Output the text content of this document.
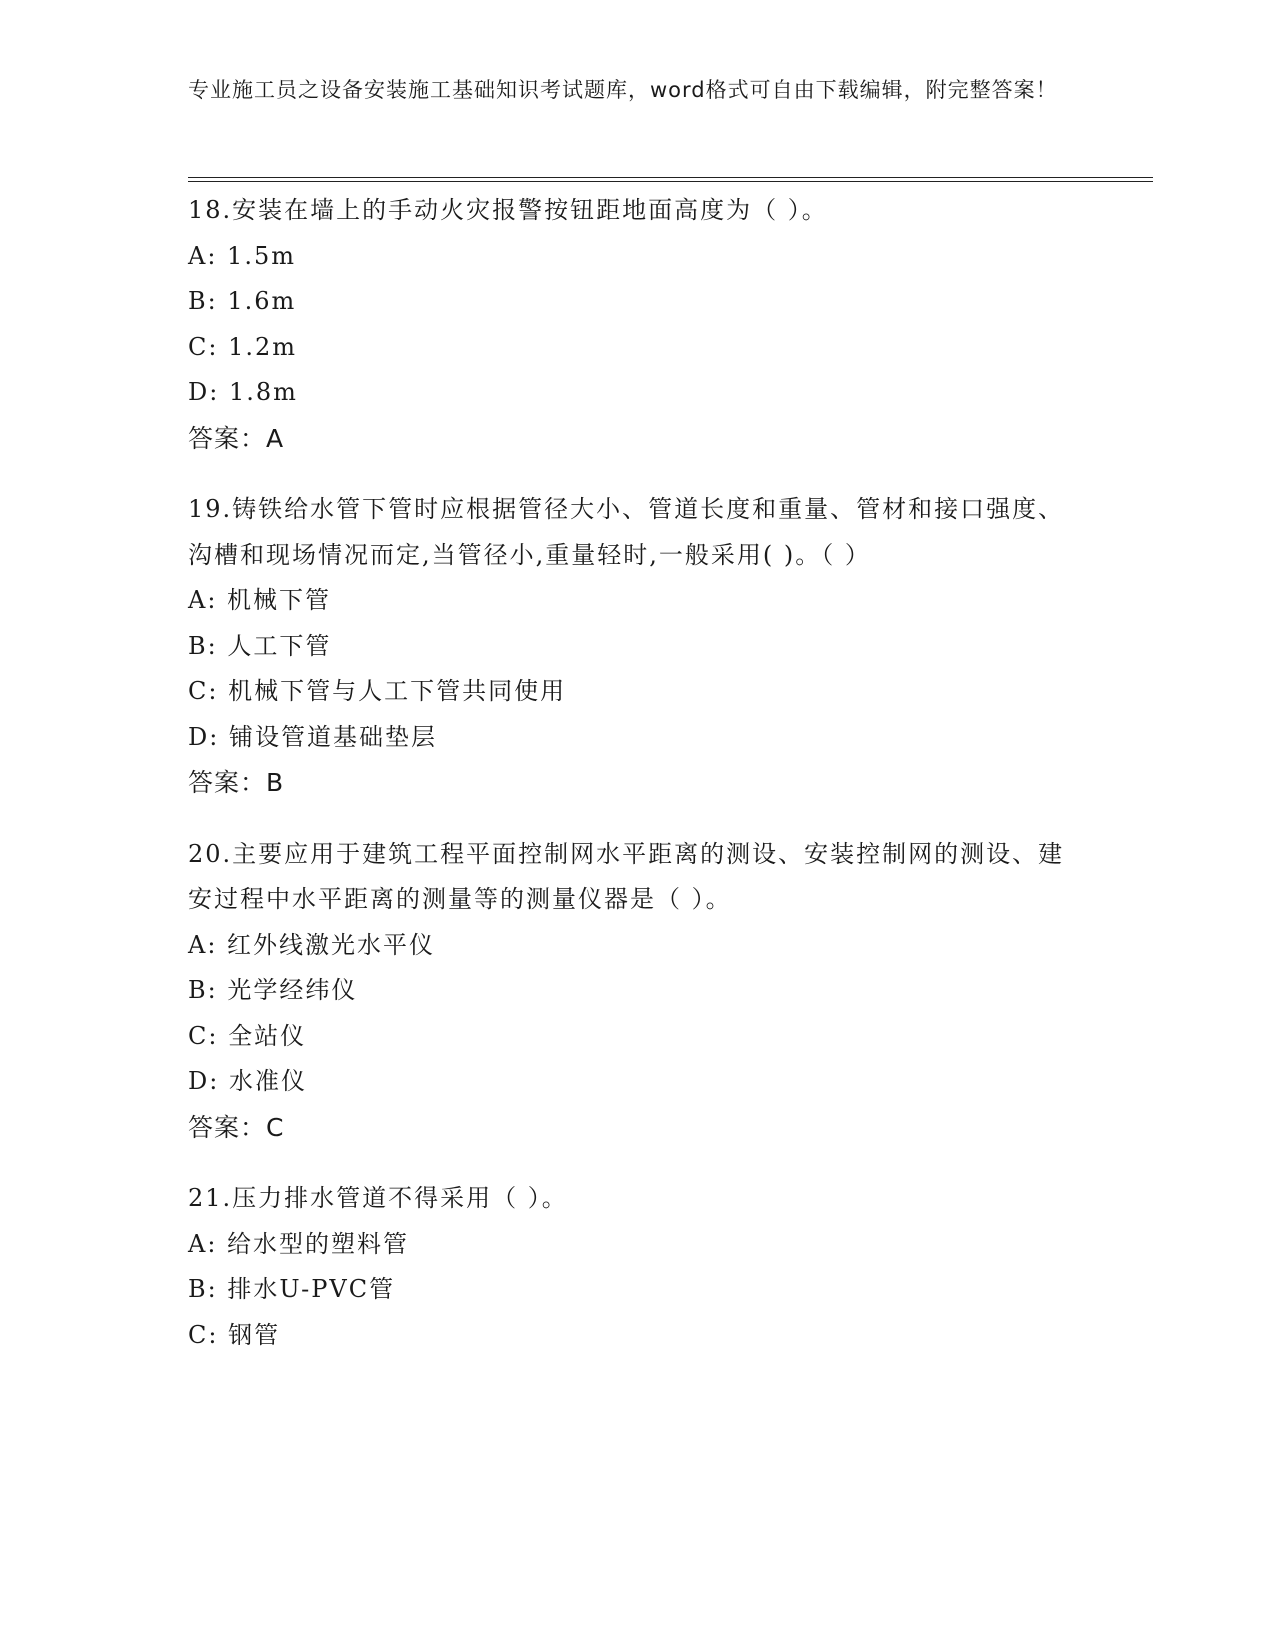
专业施工员之设备安装施工基础知识考试题库，word格式可自由下载编辑，附完整答案！
18.安装在墙上的手动火灾报警按钮距地面高度为（ ）。
A: 1.5m
B: 1.6m
C: 1.2m
D: 1.8m
答案：A
19.铸铁给水管下管时应根据管径大小、管道长度和重量、管材和接口强度、沟槽和现场情况而定,当管径小,重量轻时,一般采用( )。（ ）
A: 机械下管
B: 人工下管
C: 机械下管与人工下管共同使用
D: 铺设管道基础垫层
答案：B
20.主要应用于建筑工程平面控制网水平距离的测设、安装控制网的测设、建安过程中水平距离的测量等的测量仪器是（ ）。
A: 红外线激光水平仪
B: 光学经纬仪
C: 全站仪
D: 水准仪
答案：C
21.压力排水管道不得采用（ ）。
A: 给水型的塑料管
B: 排水U-PVC管
C: 钢管
